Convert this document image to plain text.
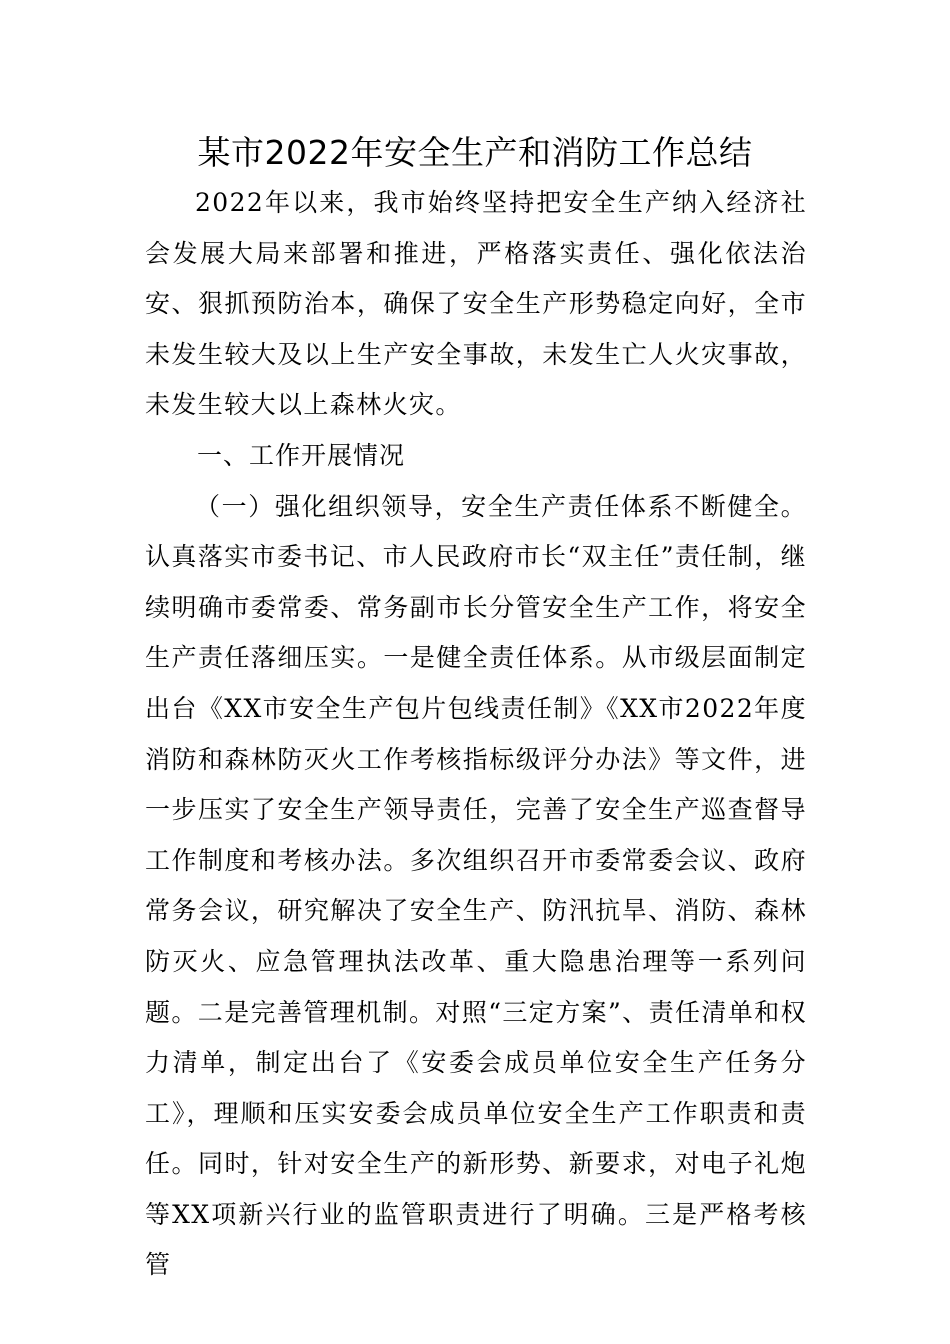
某市2022年安全生产和消防工作总结

2022年以来，我市始终坚持把安全生产纳入经济社会发展大局来部署和推进，严格落实责任、强化依法治安、狠抓预防治本，确保了安全生产形势稳定向好，全市未发生较大及以上生产安全事故，未发生亡人火灾事故，未发生较大以上森林火灾。

一、工作开展情况

（一）强化组织领导，安全生产责任体系不断健全。认真落实市委书记、市人民政府市长“双主任”责任制，继续明确市委常委、常务副市长分管安全生产工作，将安全生产责任落细压实。一是健全责任体系。从市级层面制定出台《XX市安全生产包片包线责任制》《XX市2022年度消防和森林防灭火工作考核指标级评分办法》等文件，进一步压实了安全生产领导责任，完善了安全生产巡查督导工作制度和考核办法。多次组织召开市委常委会议、政府常务会议，研究解决了安全生产、防汛抗旱、消防、森林防灭火、应急管理执法改革、重大隐患治理等一系列问题。二是完善管理机制。对照“三定方案”、责任清单和权力清单，制定出台了《安委会成员单位安全生产任务分工》，理顺和压实安委会成员单位安全生产工作职责和责任。同时，针对安全生产的新形势、新要求，对电子礼炮等XX项新兴行业的监管职责进行了明确。三是严格考核管
